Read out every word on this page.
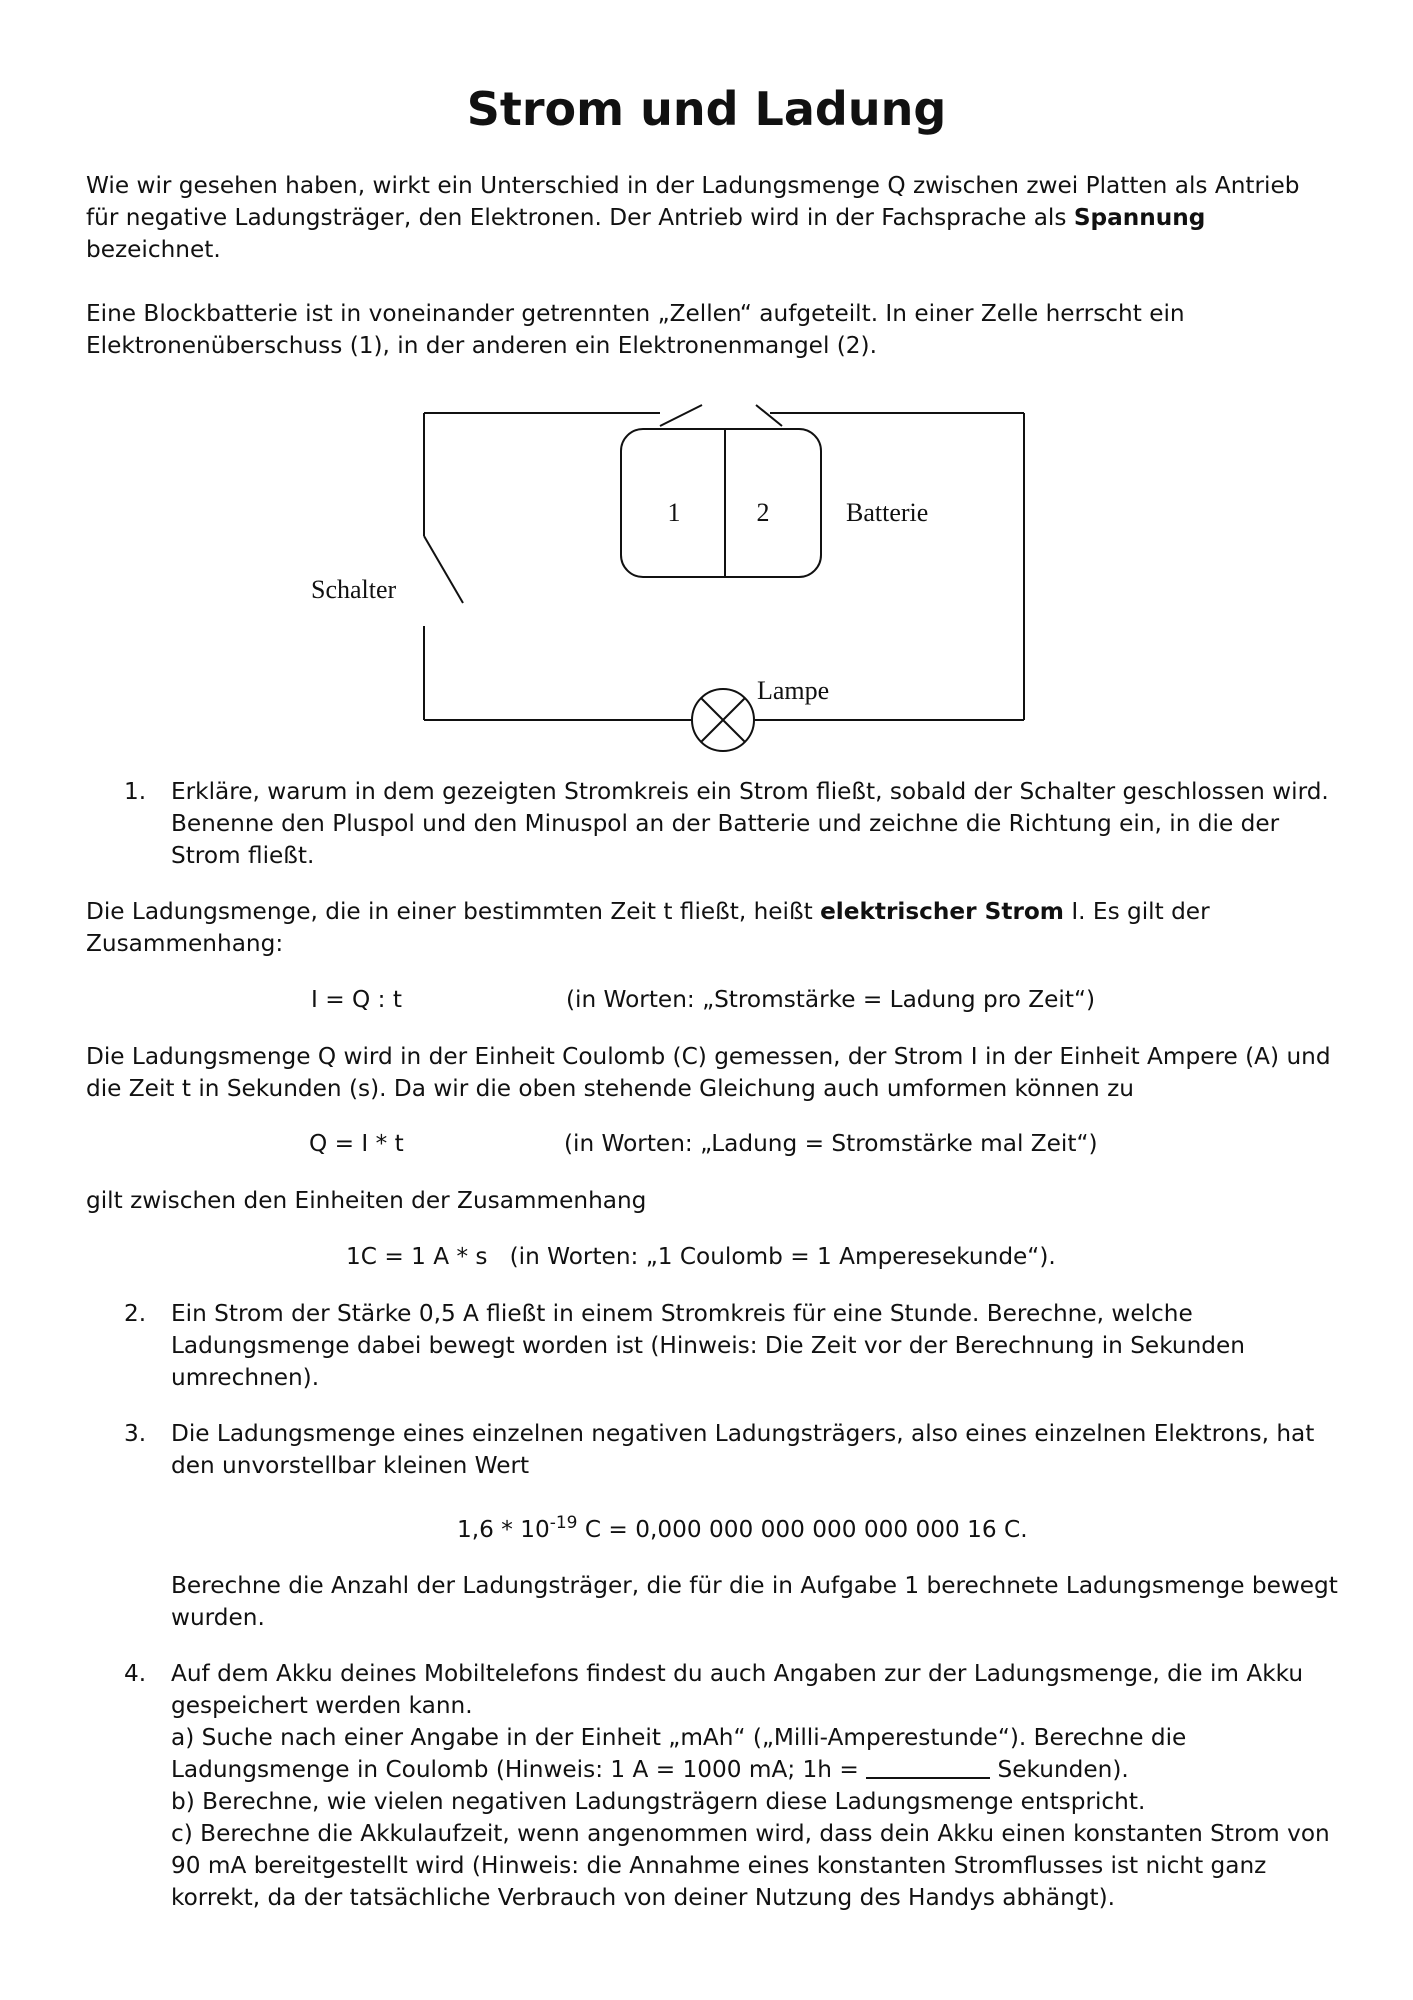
Strom und Ladung

Wie wir gesehen haben, wirkt ein Unterschied in der Ladungsmenge Q zwischen zwei Platten als Antrieb für negative Ladungsträger, den Elektronen. Der Antrieb wird in der Fachsprache als Spannung bezeichnet.

Eine Blockbatterie ist in voneinander getrennten „Zellen“ aufgeteilt. In einer Zelle herrscht ein Elektronenüberschuss (1), in der anderen ein Elektronenmangel (2).

1	2	Batterie
Schalter
Lampe
1.	Erkläre, warum in dem gezeigten Stromkreis ein Strom fließt, sobald der Schalter geschlossen wird. Benenne den Pluspol und den Minuspol an der Batterie und zeichne die Richtung ein, in die der Strom fließt.

Die Ladungsmenge, die in einer bestimmten Zeit t fließt, heißt elektrischer Strom I. Es gilt der Zusammenhang:

I = Q : t	(in Worten: „Stromstärke = Ladung pro Zeit“)

Die Ladungsmenge Q wird in der Einheit Coulomb (C) gemessen, der Strom I in der Einheit Ampere (A) und die Zeit t in Sekunden (s). Da wir die oben stehende Gleichung auch umformen können zu

Q = I * t	(in Worten: „Ladung = Stromstärke mal Zeit“)

gilt zwischen den Einheiten der Zusammenhang

1C = 1 A * s   (in Worten: „1 Coulomb = 1 Amperesekunde“).
2.	Ein Strom der Stärke 0,5 A fließt in einem Stromkreis für eine Stunde. Berechne, welche Ladungsmenge dabei bewegt worden ist (Hinweis: Die Zeit vor der Berechnung in Sekunden umrechnen).

3.	Die Ladungsmenge eines einzelnen negativen Ladungsträgers, also eines einzelnen Elektrons, hat den unvorstellbar kleinen Wert

$1,6 * 10^{-19}$ C = 0,000 000 000 000 000 000 16 C.

Berechne die Anzahl der Ladungsträger, die für die in Aufgabe 1 berechnete Ladungsmenge bewegt wurden.

4.	Auf dem Akku deines Mobiltelefons findest du auch Angaben zur der Ladungsmenge, die im Akku gespeichert werden kann.
a) Suche nach einer Angabe in der Einheit „mAh“ („Milli-Amperestunde“). Berechne die Ladungsmenge in Coulomb (Hinweis: 1 A = 1000 mA; 1h =	Sekunden).
b) Berechne, wie vielen negativen Ladungsträgern diese Ladungsmenge entspricht.
c) Berechne die Akkulaufzeit, wenn angenommen wird, dass dein Akku einen konstanten Strom von 90 mA bereitgestellt wird (Hinweis: die Annahme eines konstanten Stromflusses ist nicht ganz korrekt, da der tatsächliche Verbrauch von deiner Nutzung des Handys abhängt).
